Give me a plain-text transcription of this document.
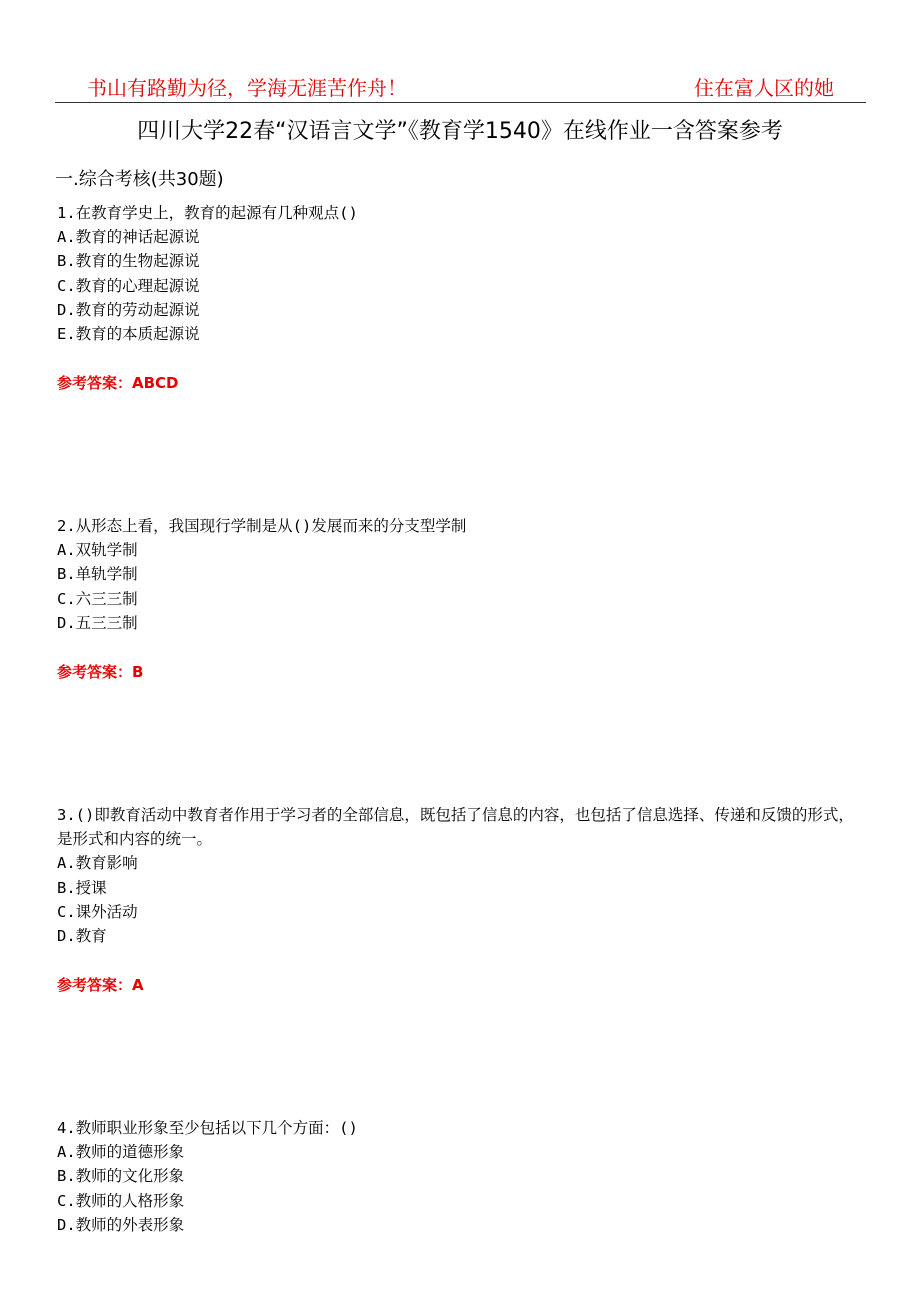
书山有路勤为径，学海无涯苦作舟！	住在富人区的她
四川大学22春“汉语言文学”《教育学1540》在线作业一含答案参考
一.综合考核(共30题)

1.在教育学史上，教育的起源有几种观点()

A.教育的神话起源说

B.教育的生物起源说

C.教育的心理起源说

D.教育的劳动起源说

E.教育的本质起源说

参考答案：ABCD

2.从形态上看，我国现行学制是从()发展而来的分支型学制

A.双轨学制

B.单轨学制

C.六三三制

D.五三三制

参考答案：B

3.()即教育活动中教育者作用于学习者的全部信息，既包括了信息的内容，也包括了信息选择、传递和反馈的形式，是形式和内容的统一。

A.教育影响

B.授课

C.课外活动

D.教育

参考答案：A

4.教师职业形象至少包括以下几个方面：()

A.教师的道德形象

B.教师的文化形象

C.教师的人格形象

D.教师的外表形象
